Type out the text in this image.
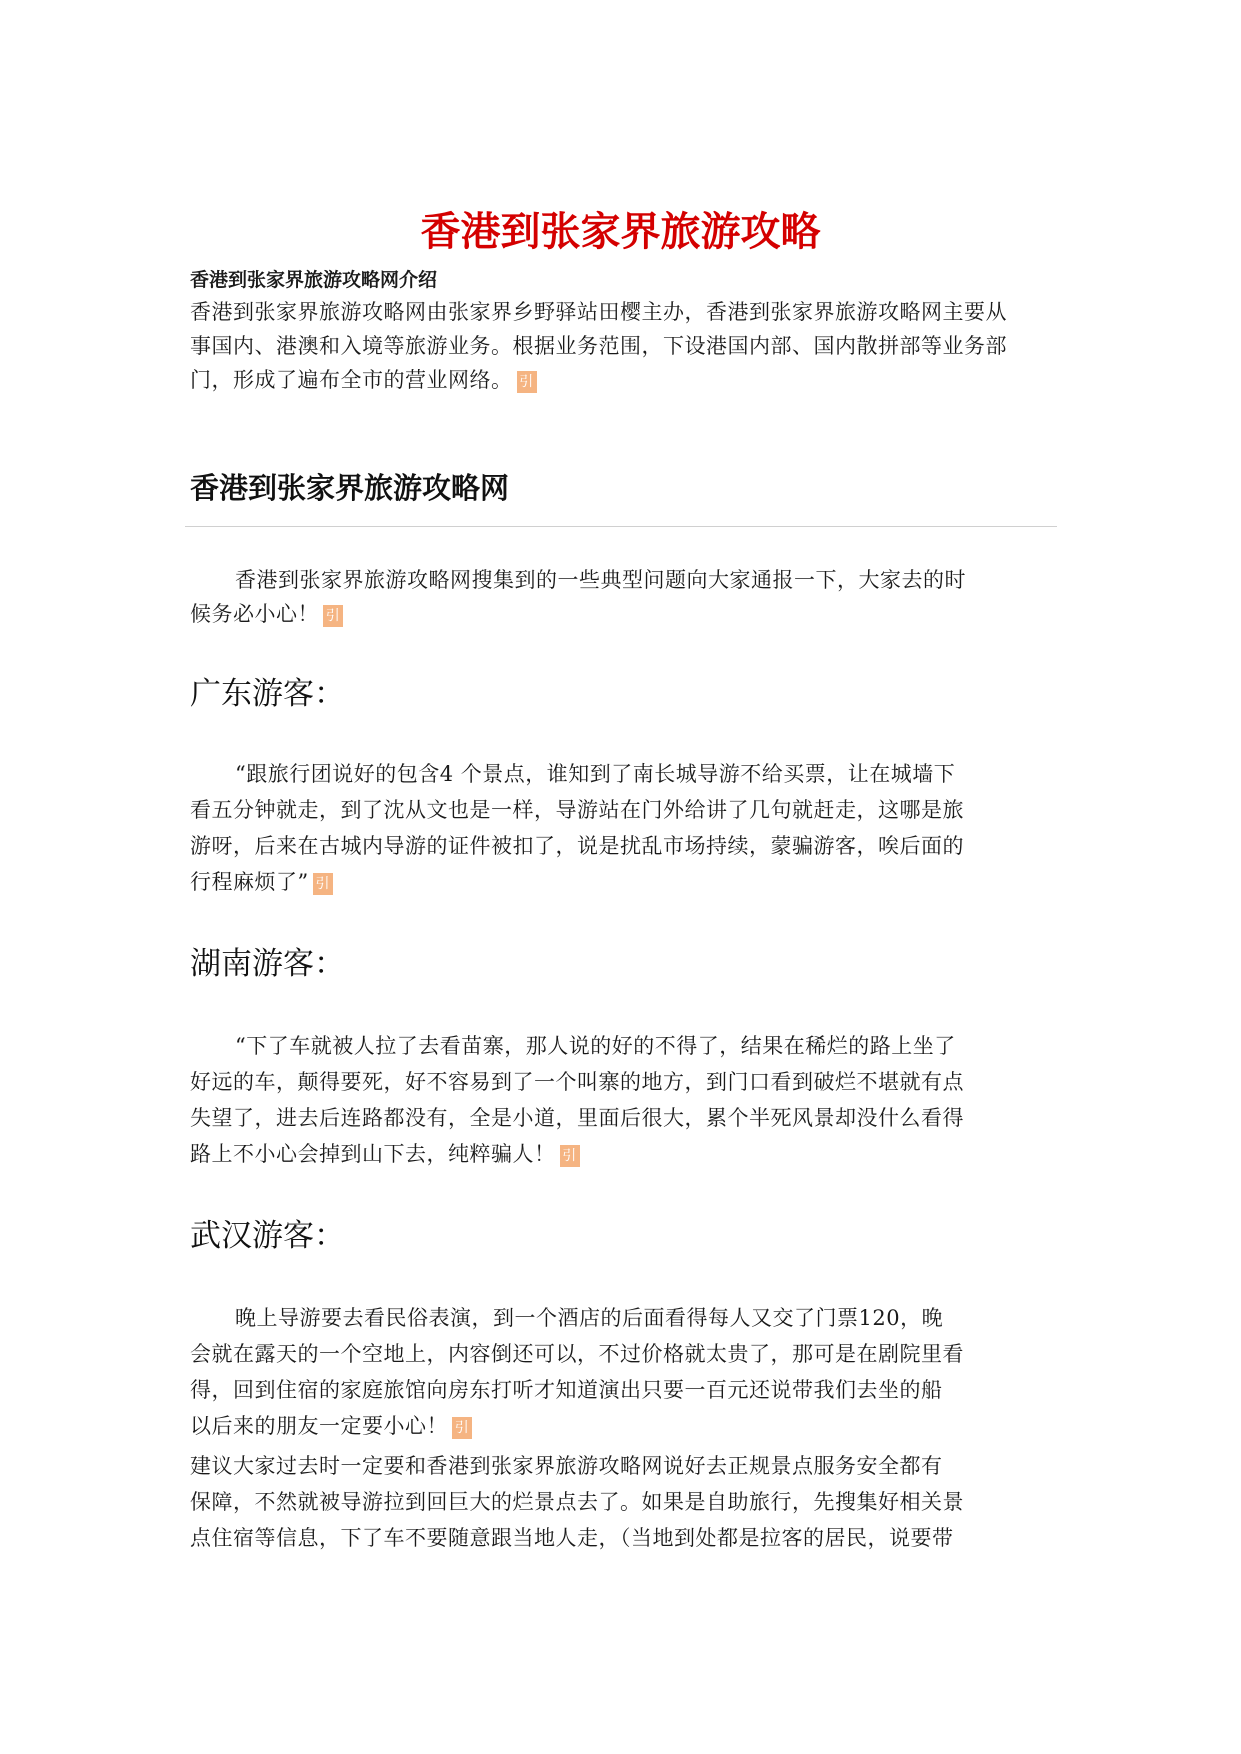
香港到张家界旅游攻略
香港到张家界旅游攻略网介绍
香港到张家界旅游攻略网由张家界乡野驿站田樱主办，香港到张家界旅游攻略网主要从
事国内、港澳和入境等旅游业务。根据业务范围，下设港国内部、国内散拼部等业务部
门，形成了遍布全市的营业网络。 引
香港到张家界旅游攻略网
香港到张家界旅游攻略网搜集到的一些典型问题向大家通报一下，大家去的时
候务必小心！ 引
广东游客：
“跟旅行团说好的包含4 个景点，谁知到了南长城导游不给买票，让在城墙下
看五分钟就走，到了沈从文也是一样，导游站在门外给讲了几句就赶走，这哪是旅
游呀，后来在古城内导游的证件被扣了，说是扰乱市场持续，蒙骗游客，唉后面的
行程麻烦了” 引
湖南游客：
“下了车就被人拉了去看苗寨，那人说的好的不得了，结果在稀烂的路上坐了
好远的车，颠得要死，好不容易到了一个叫寨的地方，到门口看到破烂不堪就有点
失望了，进去后连路都没有，全是小道，里面后很大，累个半死风景却没什么看得
路上不小心会掉到山下去，纯粹骗人！ 引
武汉游客：
晚上导游要去看民俗表演，到一个酒店的后面看得每人又交了门票120，晚
会就在露天的一个空地上，内容倒还可以，不过价格就太贵了，那可是在剧院里看
得，回到住宿的家庭旅馆向房东打听才知道演出只要一百元还说带我们去坐的船
以后来的朋友一定要小心！ 引
建议大家过去时一定要和香港到张家界旅游攻略网说好去正规景点服务安全都有
保障，不然就被导游拉到回巨大的烂景点去了。如果是自助旅行，先搜集好相关景
点住宿等信息，下了车不要随意跟当地人走，（当地到处都是拉客的居民，说要带
